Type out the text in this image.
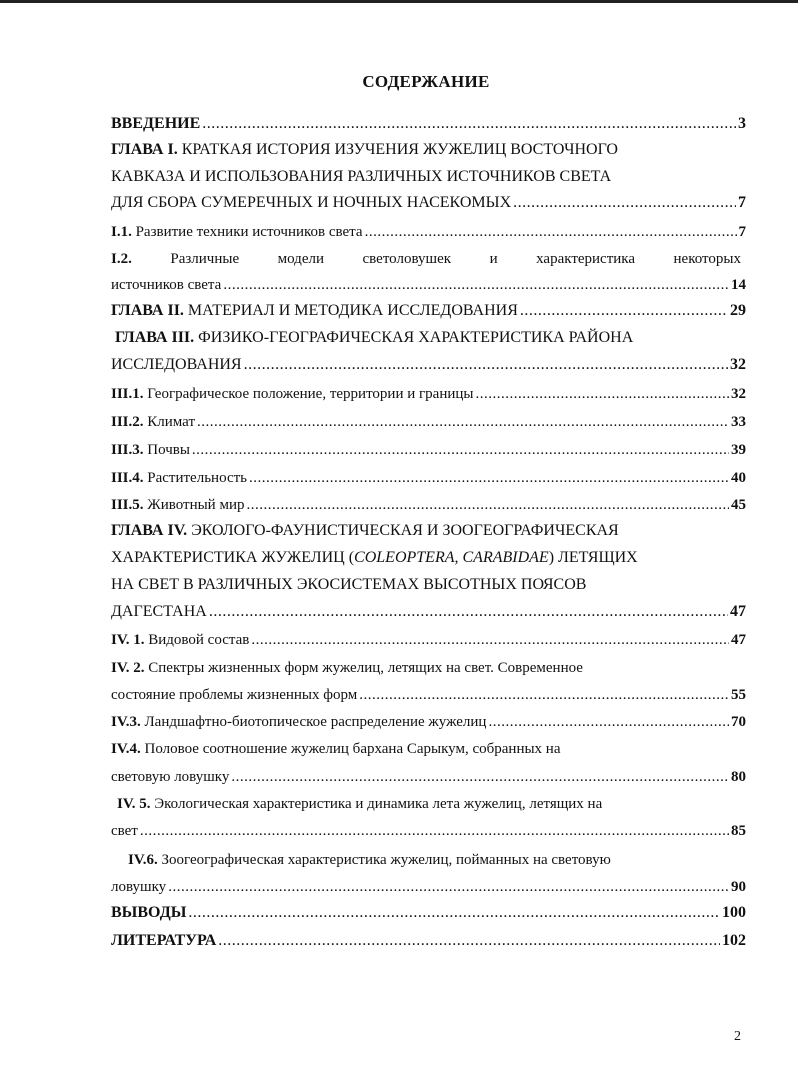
СОДЕРЖАНИЕ
ВВЕДЕНИЕ .....	3
ГЛАВА I. КРАТКАЯ ИСТОРИЯ ИЗУЧЕНИЯ ЖУЖЕЛИЦ ВОСТОЧНОГО
КАВКАЗА И ИСПОЛЬЗОВАНИЯ РАЗЛИЧНЫХ ИСТОЧНИКОВ СВЕТА
ДЛЯ СБОРА СУМЕРЕЧНЫХ И НОЧНЫХ НАСЕКОМЫХ .....	7
I.1. Развитие техники источников света .....	7
I.2.	Различные	модели	светоловушек	и	характеристика	некоторых
источников света .....	14
ГЛАВА II. МАТЕРИАЛ И МЕТОДИКА ИССЛЕДОВАНИЯ .....	29
ГЛАВА III. ФИЗИКО-ГЕОГРАФИЧЕСКАЯ ХАРАКТЕРИСТИКА РАЙОНА
ИССЛЕДОВАНИЯ .....	32
III.1. Географическое положение, территории и границы .....	32
III.2. Климат .....	33
III.3. Почвы .....	39
III.4. Растительность .....	40
III.5. Животный мир .....	45
ГЛАВА IV. ЭКОЛОГО-ФАУНИСТИЧЕСКАЯ И ЗООГЕОГРАФИЧЕСКАЯ
ХАРАКТЕРИСТИКА ЖУЖЕЛИЦ (COLEOPTERA, CARABIDAE) ЛЕТЯЩИХ
НА СВЕТ В РАЗЛИЧНЫХ ЭКОСИСТЕМАХ ВЫСОТНЫХ ПОЯСОВ
ДАГЕСТАНА .....	47
IV. 1. Видовой состав .....	47
IV. 2. Спектры жизненных форм жужелиц, летящих на свет. Современное
состояние проблемы жизненных форм .....	55
IV.3. Ландшафтно-биотопическое распределение жужелиц .....	70
IV.4. Половое соотношение жужелиц бархана Сарыкум, собранных на
световую ловушку .....	80
IV. 5. Экологическая характеристика и динамика лета жужелиц, летящих на
свет .....	85
IV.6. Зоогеографическая характеристика жужелиц, пойманных на световую
ловушку .....	90
ВЫВОДЫ .....	100
ЛИТЕРАТУРА .....	102
2
